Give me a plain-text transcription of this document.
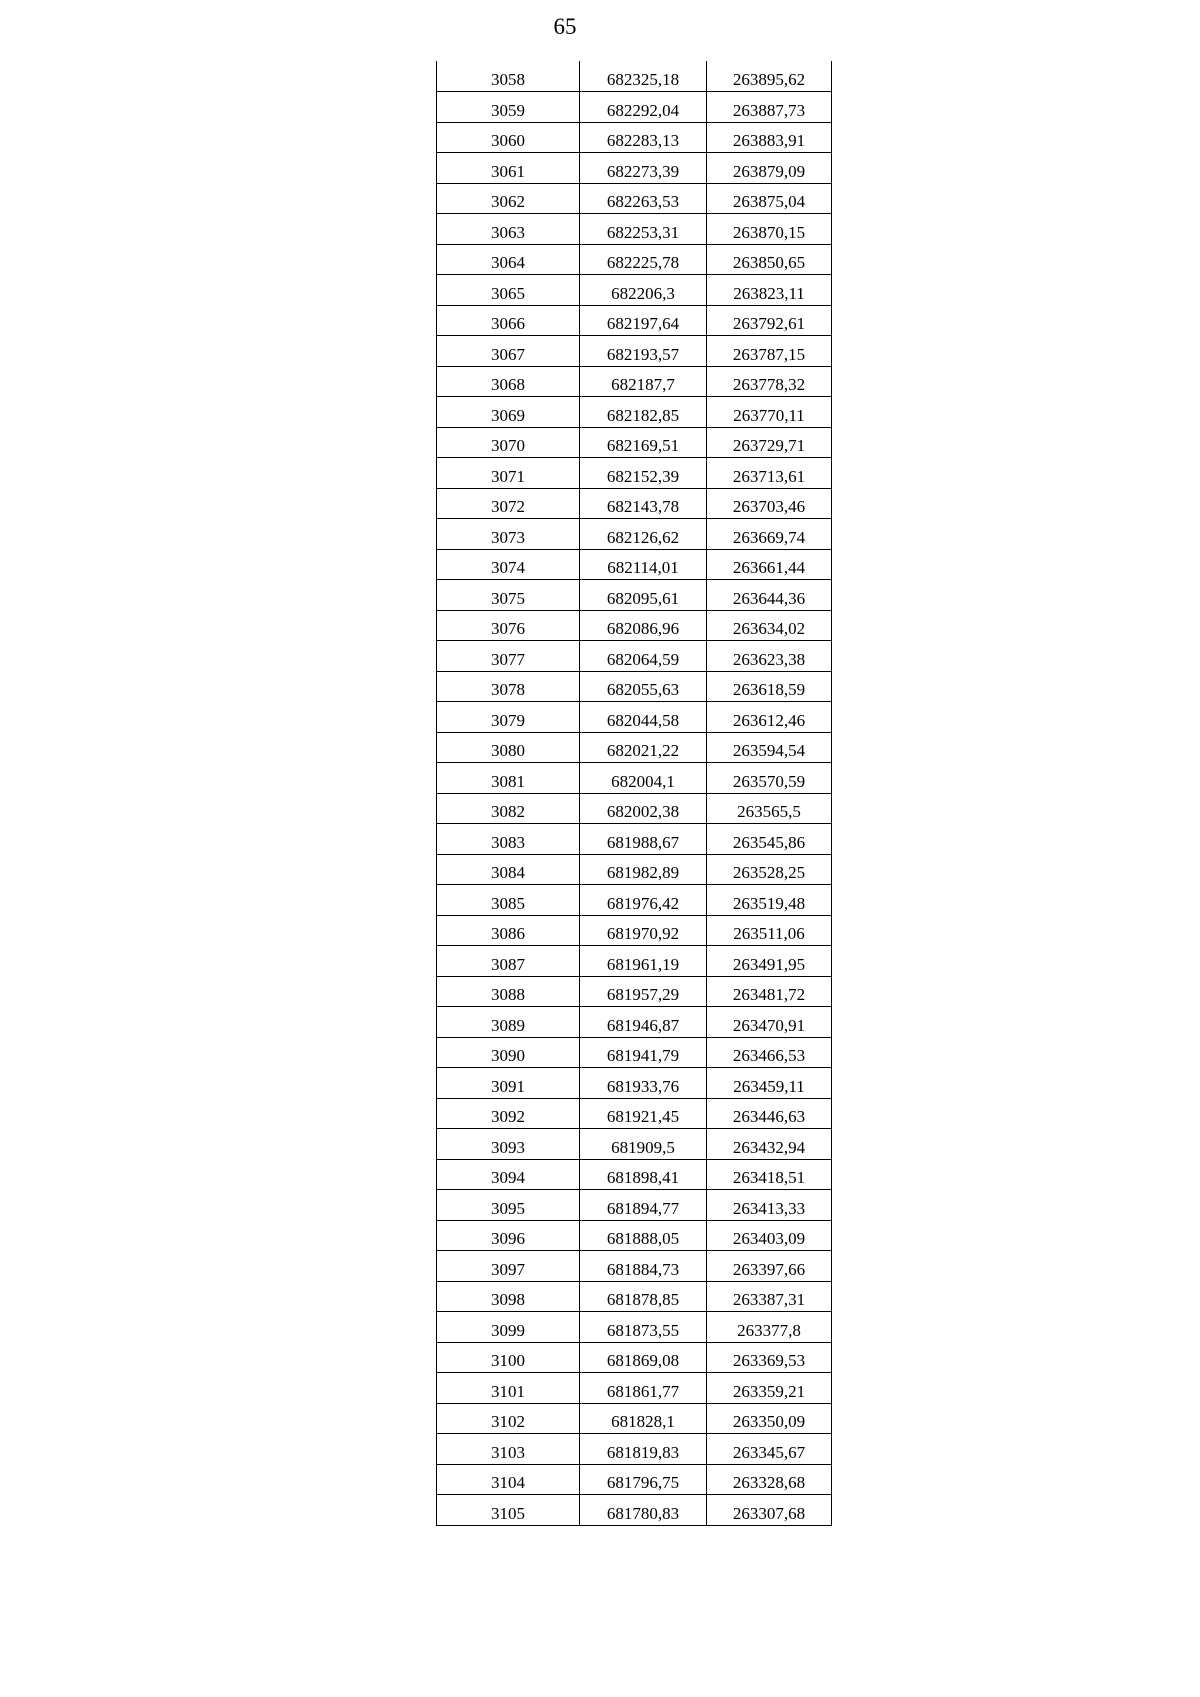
65
3058	682325,18	263895,62
3059	682292,04	263887,73
3060	682283,13	263883,91
3061	682273,39	263879,09
3062	682263,53	263875,04
3063	682253,31	263870,15
3064	682225,78	263850,65
3065	682206,3	263823,11
3066	682197,64	263792,61
3067	682193,57	263787,15
3068	682187,7	263778,32
3069	682182,85	263770,11
3070	682169,51	263729,71
3071	682152,39	263713,61
3072	682143,78	263703,46
3073	682126,62	263669,74
3074	682114,01	263661,44
3075	682095,61	263644,36
3076	682086,96	263634,02
3077	682064,59	263623,38
3078	682055,63	263618,59
3079	682044,58	263612,46
3080	682021,22	263594,54
3081	682004,1	263570,59
3082	682002,38	263565,5
3083	681988,67	263545,86
3084	681982,89	263528,25
3085	681976,42	263519,48
3086	681970,92	263511,06
3087	681961,19	263491,95
3088	681957,29	263481,72
3089	681946,87	263470,91
3090	681941,79	263466,53
3091	681933,76	263459,11
3092	681921,45	263446,63
3093	681909,5	263432,94
3094	681898,41	263418,51
3095	681894,77	263413,33
3096	681888,05	263403,09
3097	681884,73	263397,66
3098	681878,85	263387,31
3099	681873,55	263377,8
3100	681869,08	263369,53
3101	681861,77	263359,21
3102	681828,1	263350,09
3103	681819,83	263345,67
3104	681796,75	263328,68
3105	681780,83	263307,68
